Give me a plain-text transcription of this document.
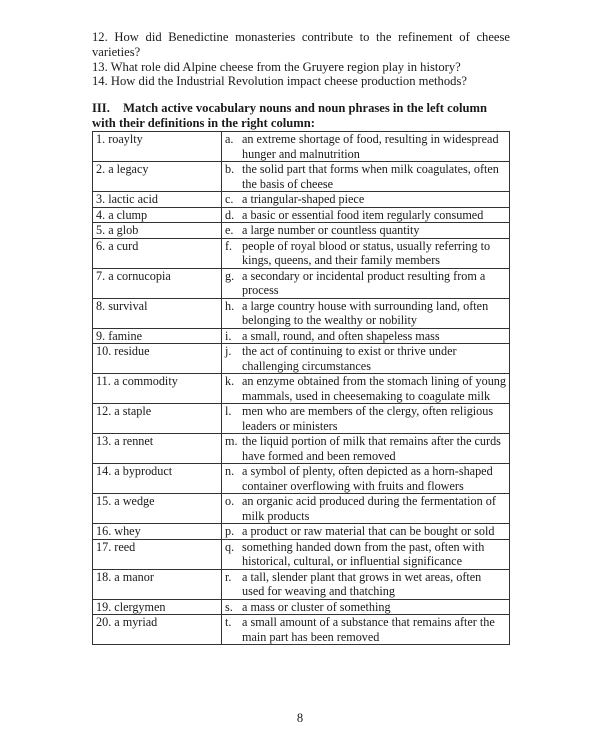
12. How did Benedictine monasteries contribute to the refinement of cheese varieties?

13. What role did Alpine cheese from the Gruyere region play in history?

14. How did the Industrial Revolution impact cheese production methods?

III. Match active vocabulary nouns and noun phrases in the left column with their definitions in the right column:
1. roaylty	a. an extreme shortage of food, resulting in widespread hunger and malnutrition

2. a legacy	b. the solid part that forms when milk coagulates, often the basis of cheese

3. lactic acid	c. a triangular-shaped piece

4. a clump	d. a basic or essential food item regularly consumed

5. a glob	e. a large number or countless quantity

6. a curd	f. people of royal blood or status, usually referring to kings, queens, and their family members

7. a cornucopia	g. a secondary or incidental product resulting from a process

8. survival	h. a large country house with surrounding land, often belonging to the wealthy or nobility

9. famine	i. a small, round, and often shapeless mass

10. residue	j. the act of continuing to exist or thrive under challenging circumstances

11. a commodity	k. an enzyme obtained from the stomach lining of young mammals, used in cheesemaking to coagulate milk

12. a staple	l. men who are members of the clergy, often religious leaders or ministers

13. a rennet	m. the liquid portion of milk that remains after the curds have formed and been removed

14. a byproduct	n. a symbol of plenty, often depicted as a horn-shaped container overflowing with fruits and flowers

15. a wedge	o. an organic acid produced during the fermentation of milk products

16. whey	p. a product or raw material that can be bought or sold

17. reed	q. something handed down from the past, often with historical, cultural, or influential significance

18. a manor	r. a tall, slender plant that grows in wet areas, often used for weaving and thatching

19. clergymen	s. a mass or cluster of something

20. a myriad	t. a small amount of a substance that remains after the main part has been removed
8
